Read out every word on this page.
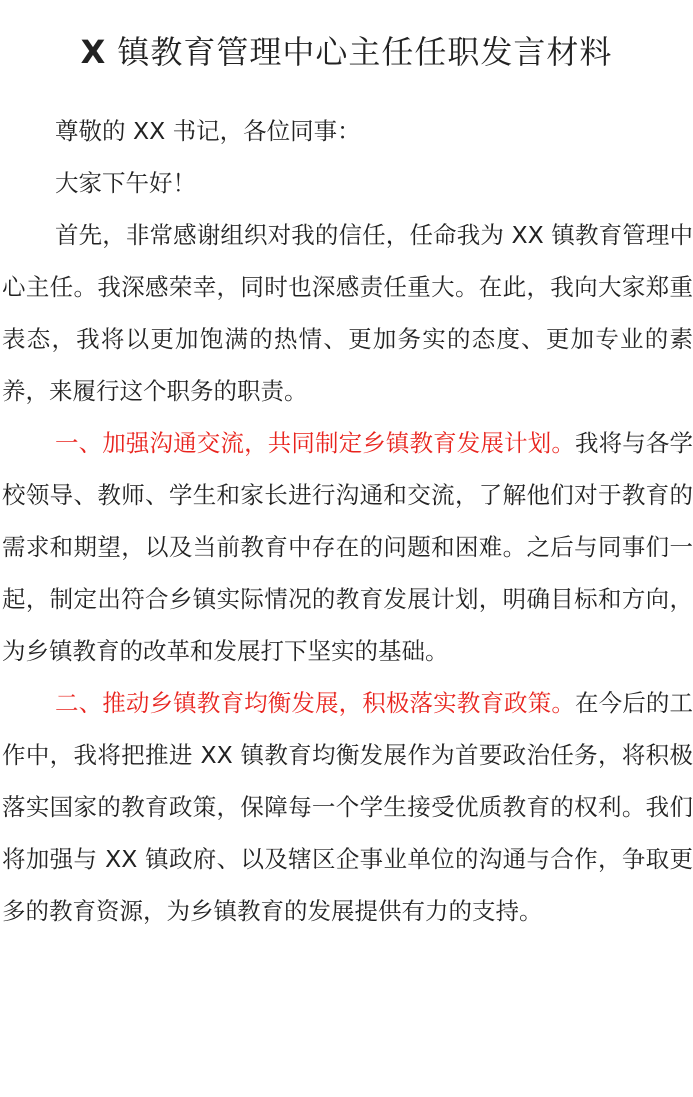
X 镇教育管理中心主任任职发言材料

尊敬的 XX 书记，各位同事：

大家下午好！

首先，非常感谢组织对我的信任，任命我为 XX 镇教育管理中心主任。我深感荣幸，同时也深感责任重大。在此，我向大家郑重表态，我将以更加饱满的热情、更加务实的态度、更加专业的素养，来履行这个职务的职责。

一、加强沟通交流，共同制定乡镇教育发展计划。我将与各学校领导、教师、学生和家长进行沟通和交流，了解他们对于教育的需求和期望，以及当前教育中存在的问题和困难。之后与同事们一起，制定出符合乡镇实际情况的教育发展计划，明确目标和方向，为乡镇教育的改革和发展打下坚实的基础。

二、推动乡镇教育均衡发展，积极落实教育政策。在今后的工作中，我将把推进 XX 镇教育均衡发展作为首要政治任务，将积极落实国家的教育政策，保障每一个学生接受优质教育的权利。我们将加强与 XX 镇政府、以及辖区企事业单位的沟通与合作，争取更多的教育资源，为乡镇教育的发展提供有力的支持。
